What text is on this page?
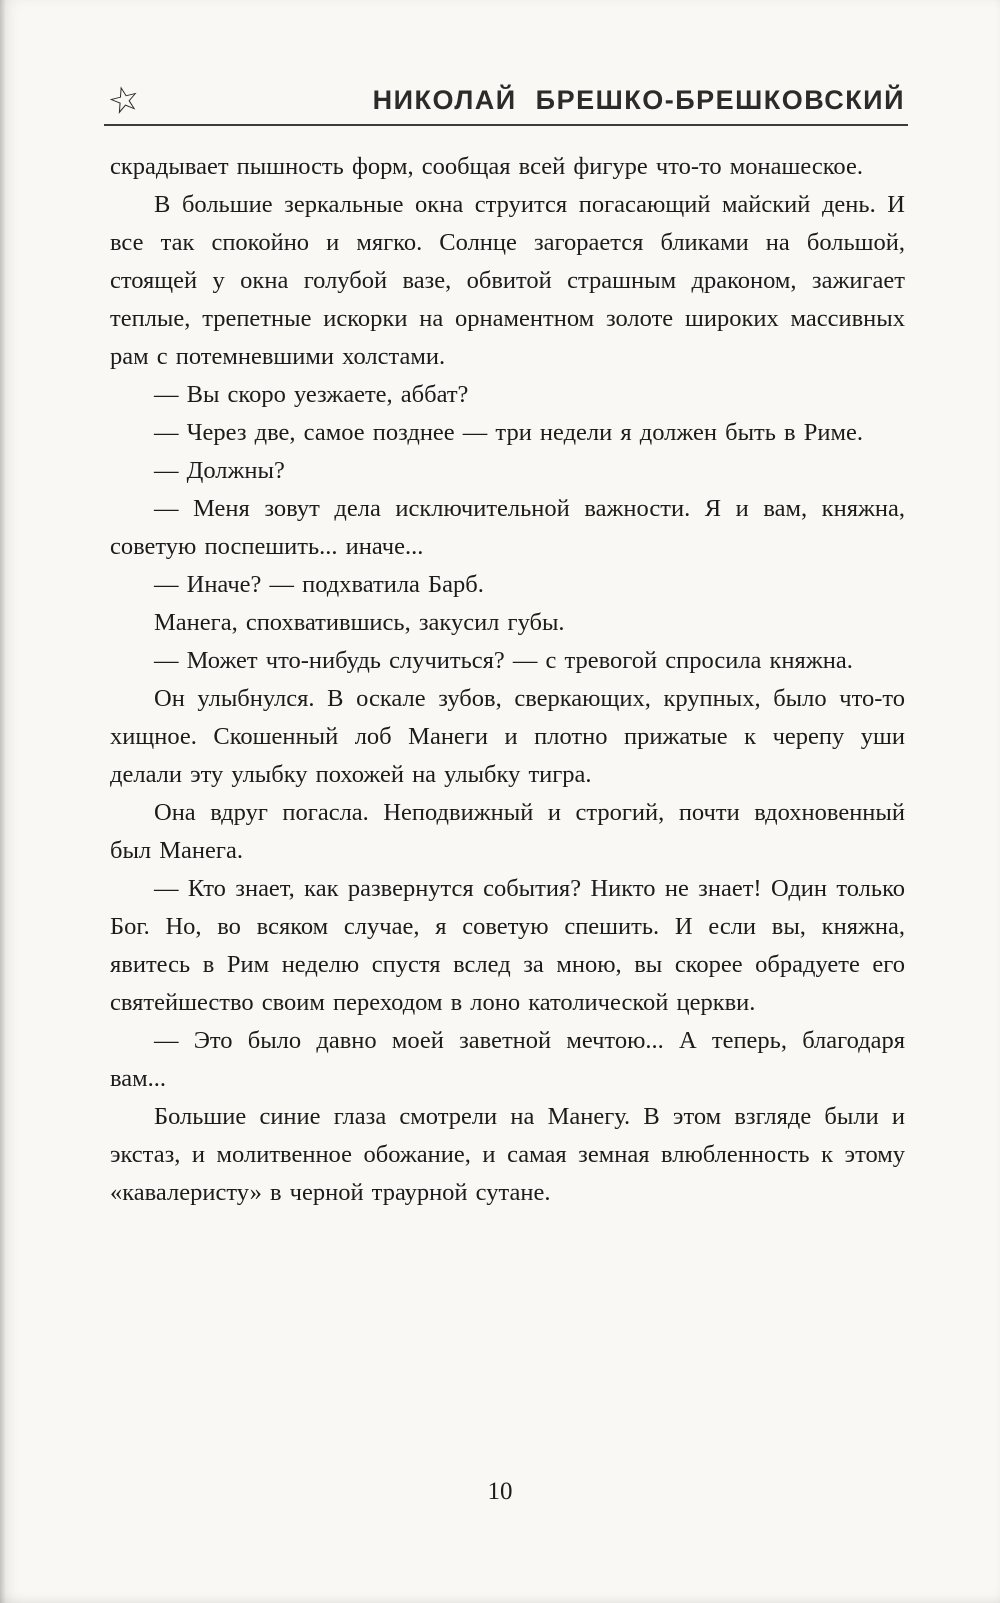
☆	НИКОЛАЙ БРЕШКО-БРЕШКОВСКИЙ

скрадывает пышность форм, сообщая всей фигуре что-то монашеское.

В большие зеркальные окна струится погасающий майский день. И все так спокойно и мягко. Солнце загорается бликами на большой, стоящей у окна голубой вазе, обвитой страшным драконом, зажигает теплые, трепетные искорки на орнаментном золоте широких массивных рам с потемневшими холстами.

— Вы скоро уезжаете, аббат?

— Через две, самое позднее — три недели я должен быть в Риме.

— Должны?

— Меня зовут дела исключительной важности. Я и вам, княжна, советую поспешить... иначе...

— Иначе? — подхватила Барб.

Манега, спохватившись, закусил губы.

— Может что-нибудь случиться? — с тревогой спросила княжна.

Он улыбнулся. В оскале зубов, сверкающих, крупных, было что-то хищное. Скошенный лоб Манеги и плотно прижатые к черепу уши делали эту улыбку похожей на улыбку тигра.

Она вдруг погасла. Неподвижный и строгий, почти вдохновенный был Манега.

— Кто знает, как развернутся события? Никто не знает! Один только Бог. Но, во всяком случае, я советую спешить. И если вы, княжна, явитесь в Рим неделю спустя вслед за мною, вы скорее обрадуете его святейшество своим переходом в лоно католической церкви.

— Это было давно моей заветной мечтою... А теперь, благодаря вам...

Большие синие глаза смотрели на Манегу. В этом взгляде были и экстаз, и молитвенное обожание, и самая земная влюбленность к этому «кавалеристу» в черной траурной сутане.

10
